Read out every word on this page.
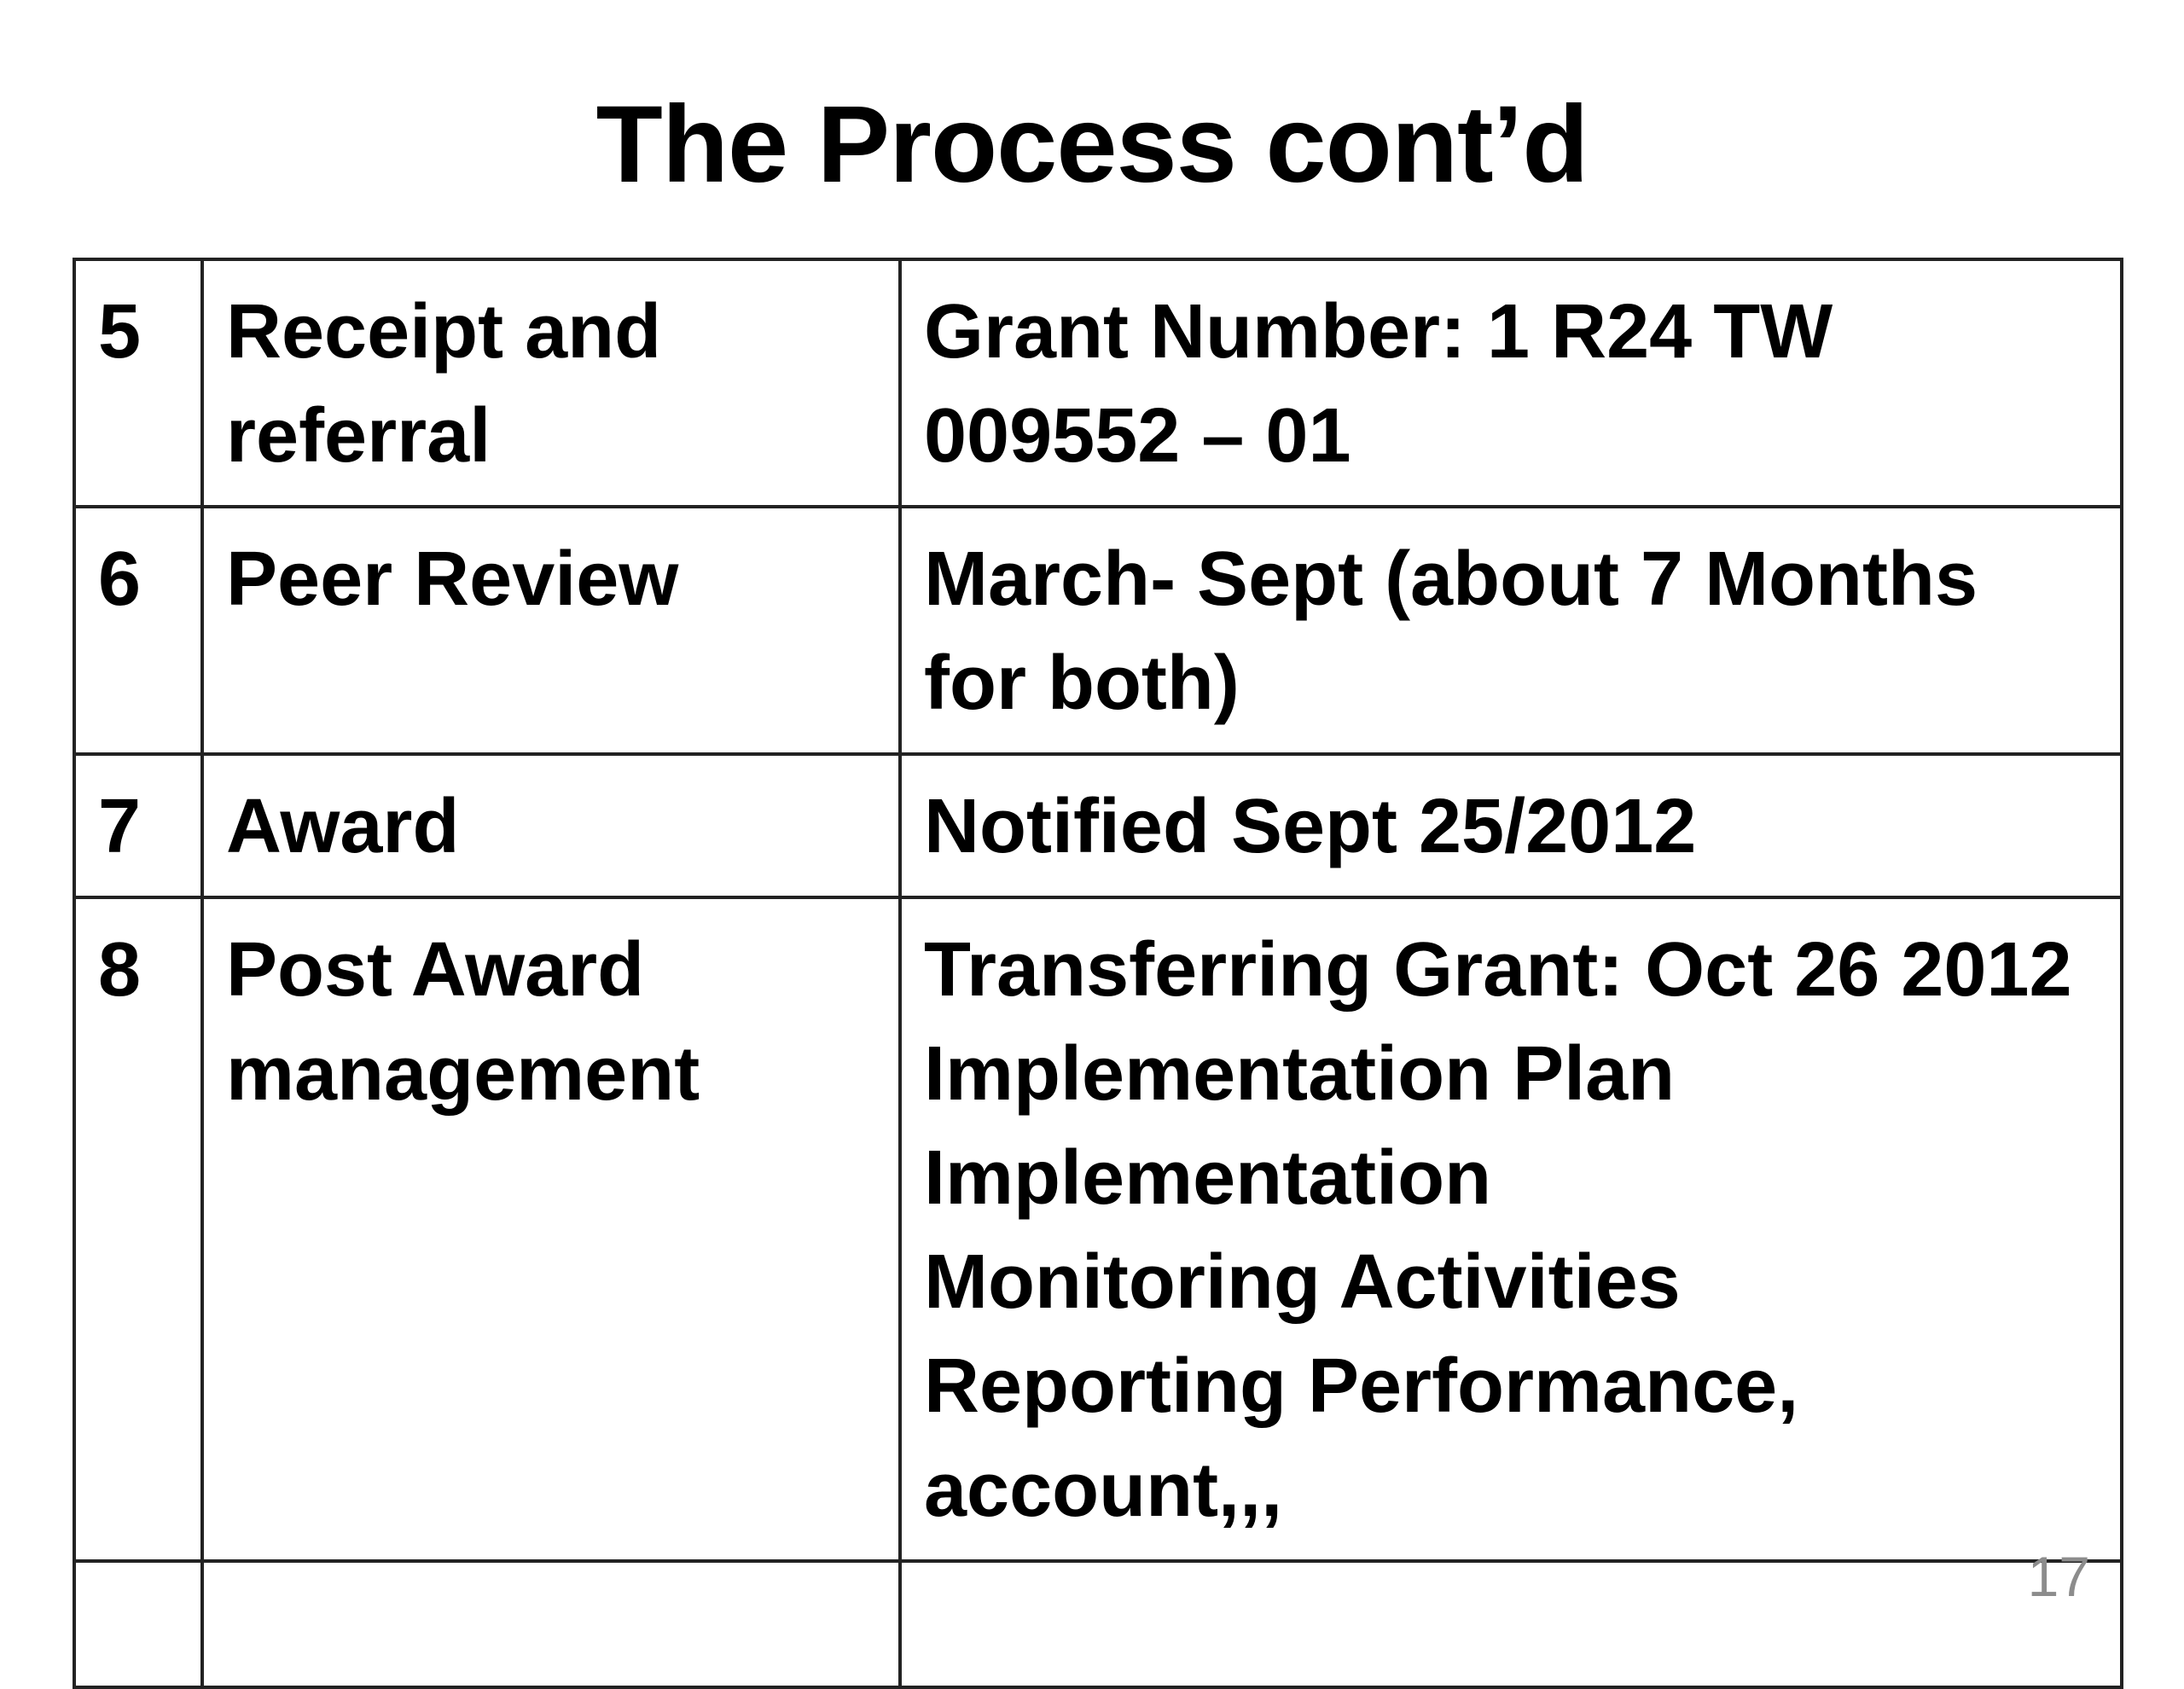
The Process cont’d
5	Receipt and referral	Grant Number: 1 R24 TW 009552 – 01

6	Peer Review	March- Sept (about 7 Months for both)

7	Award	Notified Sept 25/2012

8	Post Award management	Transferring Grant: Oct 26 2012
Implementation Plan
Implementation
Monitoring Activities
Reporting Performance, account,,,

17
